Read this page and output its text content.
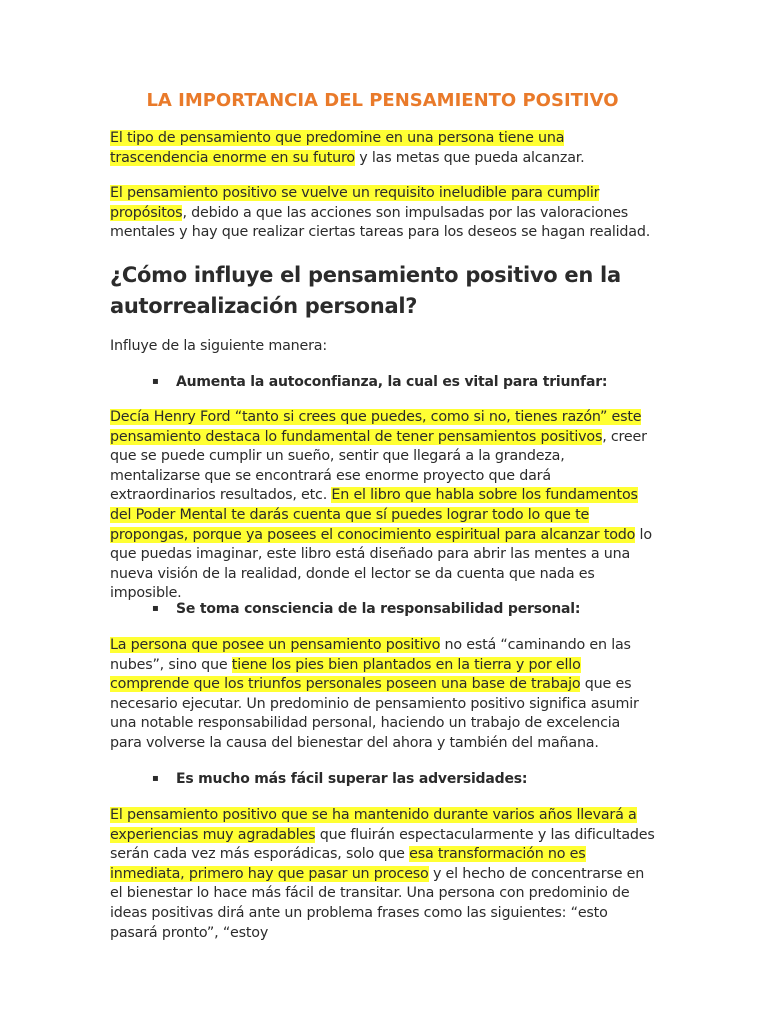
LA IMPORTANCIA DEL PENSAMIENTO POSITIVO

El tipo de pensamiento que predomine en una persona tiene una trascendencia enorme en su futuro y las metas que pueda alcanzar.

El pensamiento positivo se vuelve un requisito ineludible para cumplir propósitos, debido a que las acciones son impulsadas por las valoraciones mentales y hay que realizar ciertas tareas para los deseos se hagan realidad.

¿Cómo influye el pensamiento positivo en la autorrealización personal?

Influye de la siguiente manera:

▪ Aumenta la autoconfianza, la cual es vital para triunfar:

Decía Henry Ford “tanto si crees que puedes, como si no, tienes razón” este pensamiento destaca lo fundamental de tener pensamientos positivos, creer que se puede cumplir un sueño, sentir que llegará a la grandeza, mentalizarse que se encontrará ese enorme proyecto que dará extraordinarios resultados, etc. En el libro que habla sobre los fundamentos del Poder Mental te darás cuenta que sí puedes lograr todo lo que te propongas, porque ya posees el conocimiento espiritual para alcanzar todo lo que puedas imaginar, este libro está diseñado para abrir las mentes a una nueva visión de la realidad, donde el lector se da cuenta que nada es imposible.

▪ Se toma consciencia de la responsabilidad personal:

La persona que posee un pensamiento positivo no está “caminando en las nubes”, sino que tiene los pies bien plantados en la tierra y por ello comprende que los triunfos personales poseen una base de trabajo que es necesario ejecutar. Un predominio de pensamiento positivo significa asumir una notable responsabilidad personal, haciendo un trabajo de excelencia para volverse la causa del bienestar del ahora y también del mañana.

▪ Es mucho más fácil superar las adversidades:

El pensamiento positivo que se ha mantenido durante varios años llevará a experiencias muy agradables que fluirán espectacularmente y las dificultades serán cada vez más esporádicas, solo que esa transformación no es inmediata, primero hay que pasar un proceso y el hecho de concentrarse en el bienestar lo hace más fácil de transitar. Una persona con predominio de ideas positivas dirá ante un problema frases como las siguientes: “esto pasará pronto”, “estoy
